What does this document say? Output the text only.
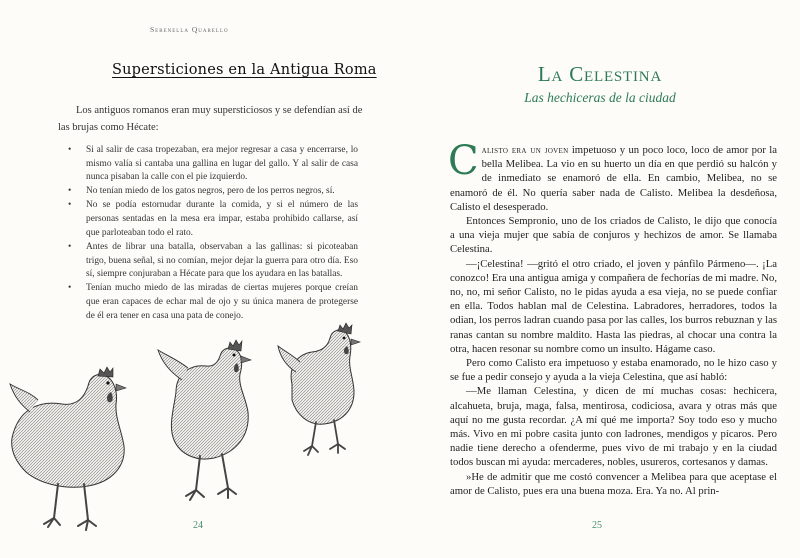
Serenella Quarello
Supersticiones en la Antigua Roma

Los antiguos romanos eran muy supersticiosos y se defendían así de las brujas como Hécate:

• Si al salir de casa tropezaban, era mejor regresar a casa y encerrarse, lo mismo valía si cantaba una gallina en lugar del gallo. Y al salir de casa nunca pisaban la calle con el pie izquierdo.
• No tenían miedo de los gatos negros, pero de los perros negros, sí.
• No se podía estornudar durante la comida, y si el número de las personas sentadas en la mesa era impar, estaba prohibido callarse, así que parloteaban todo el rato.
• Antes de librar una batalla, observaban a las gallinas: si picoteaban trigo, buena señal, si no comían, mejor dejar la guerra para otro día. Eso sí, siempre conjuraban a Hécate para que los ayudara en las batallas.
• Tenían mucho miedo de las miradas de ciertas mujeres porque creían que eran capaces de echar mal de ojo y su única manera de protegerse de él era tener en casa una pata de conejo.
24
La Celestina
Las hechiceras de la ciudad

Calisto era un joven impetuoso y un poco loco, loco de amor por la bella Melibea. La vio en su huerto un día en que perdió su halcón y de inmediato se enamoró de ella. En cambio, Melibea, no se enamoró de él. No quería saber nada de Calisto. Melibea la desdeñosa, Calisto el desesperado.

Entonces Sempronio, uno de los criados de Calisto, le dijo que conocía a una vieja mujer que sabía de conjuros y hechizos de amor. Se llamaba Celestina.

—¡Celestina! —gritó el otro criado, el joven y pánfilo Pármeno—. ¡La conozco! Era una antigua amiga y compañera de fechorías de mi madre. No, no, no, mi señor Calisto, no le pidas ayuda a esa vieja, no se puede confiar en ella. Todos hablan mal de Celestina. Labradores, herradores, todos la odian, los perros ladran cuando pasa por las calles, los burros rebuznan y las ranas cantan su nombre maldito. Hasta las piedras, al chocar una contra la otra, hacen resonar su nombre como un insulto. Hágame caso.

Pero como Calisto era impetuoso y estaba enamorado, no le hizo caso y se fue a pedir consejo y ayuda a la vieja Celestina, que así habló:

—Me llaman Celestina, y dicen de mí muchas cosas: hechicera, alcahueta, bruja, maga, falsa, mentirosa, codiciosa, avara y otras más que aquí no me gusta recordar. ¿A mí qué me importa? Soy todo eso y mucho más. Vivo en mi pobre casita junto con ladrones, mendigos y pícaros. Pero nadie tiene derecho a ofenderme, pues vivo de mi trabajo y en la ciudad todos buscan mi ayuda: mercaderes, nobles, usureros, cortesanos y damas.

»He de admitir que me costó convencer a Melibea para que aceptase el amor de Calisto, pues era una buena moza. Era. Ya no. Al prin-

25
